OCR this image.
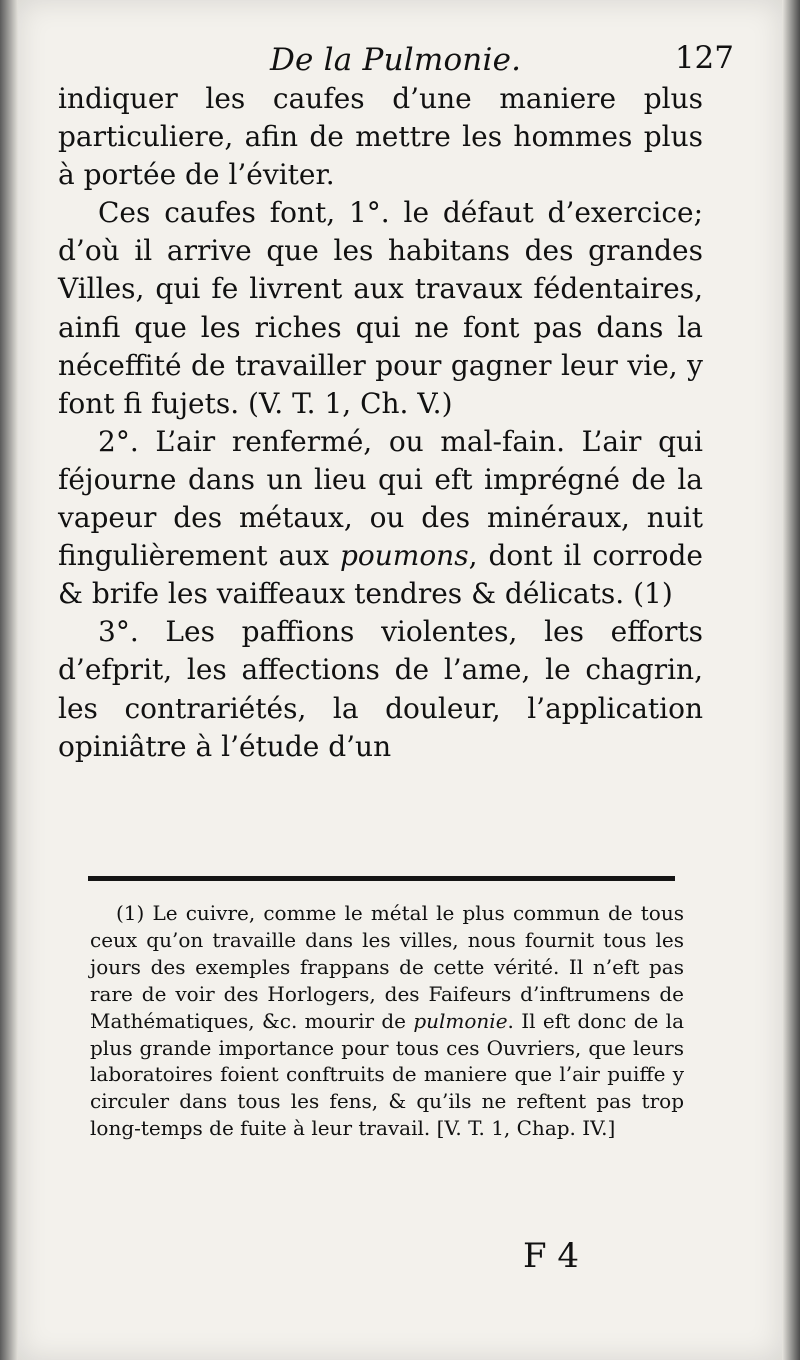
De la Pulmonie.	127

indiquer les caufes d’une maniere plus particuliere, afin de mettre les hommes plus à portée de l’éviter.

Ces caufes font, 1°. le défaut d’exercice; d’où il arrive que les habitans des grandes Villes, qui fe livrent aux travaux fédentaires, ainfi que les riches qui ne font pas dans la néceffité de travailler pour gagner leur vie, y font fi fujets. (V. T. 1, Ch. V.)

2°. L’air renfermé, ou mal-fain. L’air qui féjourne dans un lieu qui eft imprégné de la vapeur des métaux, ou des minéraux, nuit fingulièrement aux poumons, dont il corrode & brife les vaiffeaux tendres & délicats. (1)

3°. Les paffions violentes, les efforts d’efprit, les affections de l’ame, le chagrin, les contrariétés, la douleur, l’application opiniâtre à l’étude d’un

(1) Le cuivre, comme le métal le plus commun de tous ceux qu’on travaille dans les villes, nous fournit tous les jours des exemples frappans de cette vérité. Il n’eft pas rare de voir des Horlogers, des Faifeurs d’inftrumens de Mathématiques, &c. mourir de pulmonie. Il eft donc de la plus grande importance pour tous ces Ouvriers, que leurs laboratoires foient conftruits de maniere que l’air puiffe y circuler dans tous les fens, & qu’ils ne reftent pas trop long-temps de fuite à leur travail. [V. T. 1, Chap. IV.]

F 4
